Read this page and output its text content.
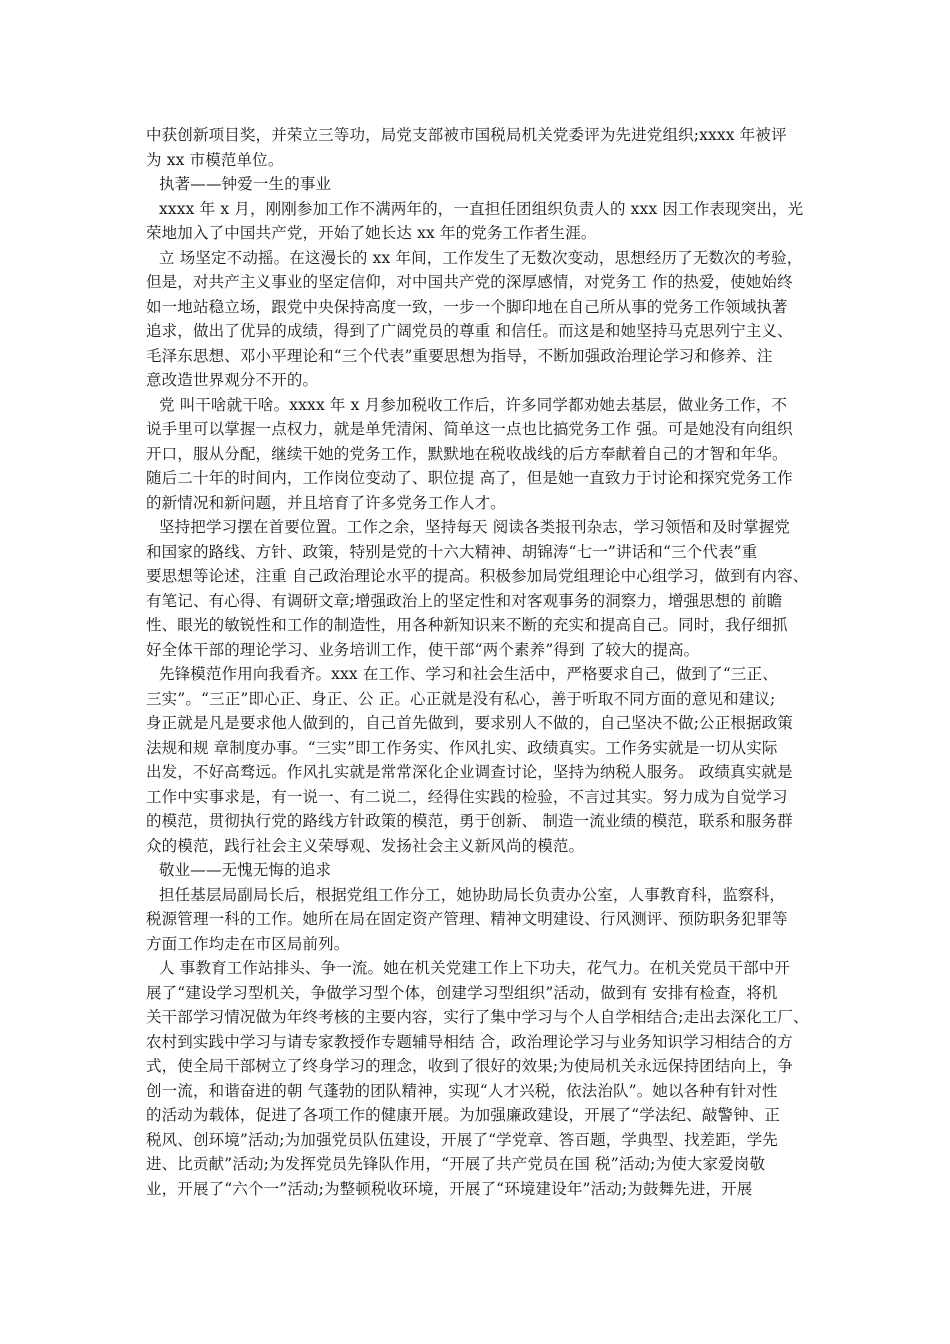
中获创新项目奖，并荣立三等功，局党支部被市国税局机关党委评为先进党组织;xxxx 年被评
为 xx 市模范单位。
执著——钟爱一生的事业
xxxx 年 x 月，刚刚参加工作不满两年的，一直担任团组织负责人的 xxx 因工作表现突出，光
荣地加入了中国共产党，开始了她长达 xx 年的党务工作者生涯。
立 场坚定不动摇。在这漫长的 xx 年间，工作发生了无数次变动，思想经历了无数次的考验，
但是，对共产主义事业的坚定信仰，对中国共产党的深厚感情，对党务工 作的热爱，使她始终
如一地站稳立场，跟党中央保持高度一致，一步一个脚印地在自己所从事的党务工作领域执著
追求，做出了优异的成绩，得到了广阔党员的尊重 和信任。而这是和她坚持马克思列宁主义、
毛泽东思想、邓小平理论和“三个代表”重要思想为指导，不断加强政治理论学习和修养、注
意改造世界观分不开的。
党 叫干啥就干啥。xxxx 年 x 月参加税收工作后，许多同学都劝她去基层，做业务工作，不
说手里可以掌握一点权力，就是单凭清闲、简单这一点也比搞党务工作 强。可是她没有向组织
开口，服从分配，继续干她的党务工作，默默地在税收战线的后方奉献着自己的才智和年华。
随后二十年的时间内，工作岗位变动了、职位提 高了，但是她一直致力于讨论和探究党务工作
的新情况和新问题，并且培育了许多党务工作人才。
坚持把学习摆在首要位置。工作之余，坚持每天 阅读各类报刊杂志，学习领悟和及时掌握党
和国家的路线、方针、政策，特别是党的十六大精神、胡锦涛“七一”讲话和“三个代表”重
要思想等论述，注重 自己政治理论水平的提高。积极参加局党组理论中心组学习，做到有内容、
有笔记、有心得、有调研文章;增强政治上的坚定性和对客观事务的洞察力，增强思想的 前瞻
性、眼光的敏锐性和工作的制造性，用各种新知识来不断的充实和提高自己。同时，我仔细抓
好全体干部的理论学习、业务培训工作，使干部“两个素养”得到 了较大的提高。
先锋模范作用向我看齐。xxx 在工作、学习和社会生活中，严格要求自己，做到了“三正、
三实”。“三正”即心正、身正、公 正。心正就是没有私心，善于听取不同方面的意见和建议;
身正就是凡是要求他人做到的，自己首先做到，要求别人不做的，自己坚决不做;公正根据政策
法规和规 章制度办事。“三实”即工作务实、作风扎实、政绩真实。工作务实就是一切从实际
出发，不好高骛远。作风扎实就是常常深化企业调查讨论，坚持为纳税人服务。 政绩真实就是
工作中实事求是，有一说一、有二说二，经得住实践的检验，不言过其实。努力成为自觉学习
的模范，贯彻执行党的路线方针政策的模范，勇于创新、 制造一流业绩的模范，联系和服务群
众的模范，践行社会主义荣辱观、发扬社会主义新风尚的模范。
敬业——无愧无悔的追求
担任基层局副局长后，根据党组工作分工，她协助局长负责办公室，人事教育科，监察科，
税源管理一科的工作。她所在局在固定资产管理、精神文明建设、行风测评、预防职务犯罪等
方面工作均走在市区局前列。
人 事教育工作站排头、争一流。她在机关党建工作上下功夫，花气力。在机关党员干部中开
展了“建设学习型机关，争做学习型个体，创建学习型组织”活动，做到有 安排有检查，将机
关干部学习情况做为年终考核的主要内容，实行了集中学习与个人自学相结合;走出去深化工厂、
农村到实践中学习与请专家教授作专题辅导相结 合，政治理论学习与业务知识学习相结合的方
式，使全局干部树立了终身学习的理念，收到了很好的效果;为使局机关永远保持团结向上，争
创一流，和谐奋进的朝 气蓬勃的团队精神，实现“人才兴税，依法治队”。她以各种有针对性
的活动为载体，促进了各项工作的健康开展。为加强廉政建设，开展了“学法纪、敲警钟、正
税风、创环境”活动;为加强党员队伍建设，开展了“学党章、答百题，学典型、找差距，学先
进、比贡献”活动;为发挥党员先锋队作用，“开展了共产党员在国 税”活动;为使大家爱岗敬
业，开展了“六个一”活动;为整顿税收环境，开展了“环境建设年”活动;为鼓舞先进，开展
